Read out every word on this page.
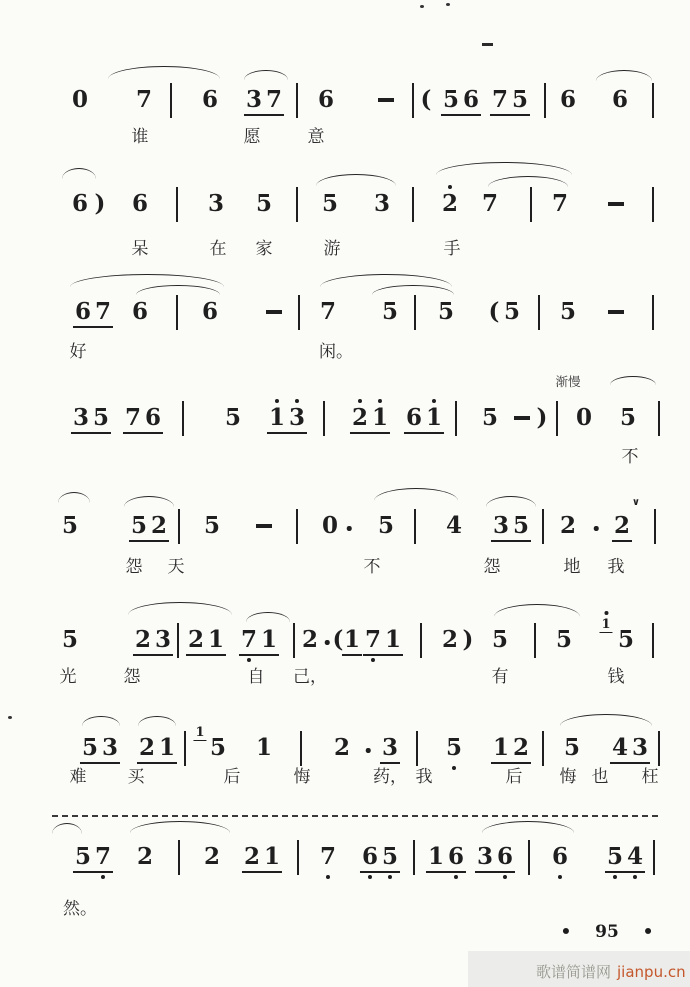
0 7 6 3 7 6	( 5 6 7 5 6 6
谁	愿	意
6 ) 6	3 5 5 3 2 7 7
呆	在 家	游	手
6 7 6 6	7 5 5 ( 5 5
好	闲。
渐慢
3 5 7 6	5 1 3 2 1 6 1 5 ) 0 5
不
5 5 2 5	0 5 4 3 5 2 2
∨
怨 天	不	怨	地 我
5 2 3 2 1 7 1 2 ( 1 7 1 2 ) 5 5
1
5
光	怨	自 己，	有	钱
5 3 2 1
1
5 1	2 3 5 1 2 5 4 3
难 买	后	悔	药， 我	后 悔 也 枉
5 7 2 2 2 1 7 6 5 1 6 3 6 6 5 4
然。
• 95 •
歌谱简谱网 jianpu.cn
